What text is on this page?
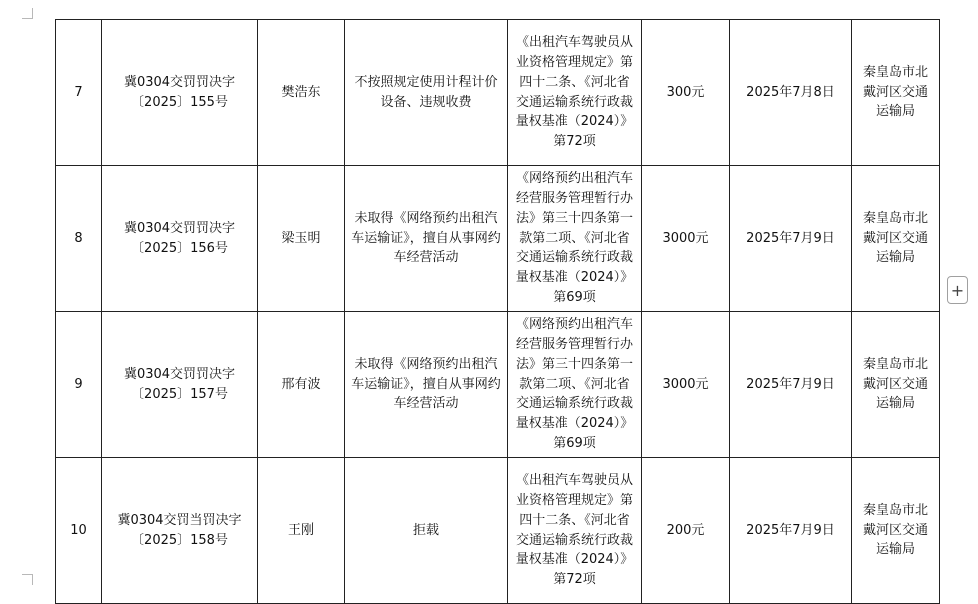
7	冀0304交罚罚决字〔2025〕155号	樊浩东	不按照规定使用计程计价设备、违规收费	《出租汽车驾驶员从业资格管理规定》第四十二条、《河北省交通运输系统行政裁量权基准（2024）》第72项	300元	2025年7月8日	秦皇岛市北戴河区交通运输局
8	冀0304交罚罚决字〔2025〕156号	梁玉明	未取得《网络预约出租汽车运输证》，擅自从事网约车经营活动	《网络预约出租汽车经营服务管理暂行办法》第三十四条第一款第二项、《河北省交通运输系统行政裁量权基准（2024）》第69项	3000元	2025年7月9日	秦皇岛市北戴河区交通运输局
9	冀0304交罚罚决字〔2025〕157号	邢有波	未取得《网络预约出租汽车运输证》，擅自从事网约车经营活动	《网络预约出租汽车经营服务管理暂行办法》第三十四条第一款第二项、《河北省交通运输系统行政裁量权基准（2024）》第69项	3000元	2025年7月9日	秦皇岛市北戴河区交通运输局
10	冀0304交罚当罚决字〔2025〕158号	王刚	拒载	《出租汽车驾驶员从业资格管理规定》第四十二条、《河北省交通运输系统行政裁量权基准（2024）》第72项	200元	2025年7月9日	秦皇岛市北戴河区交通运输局
+
